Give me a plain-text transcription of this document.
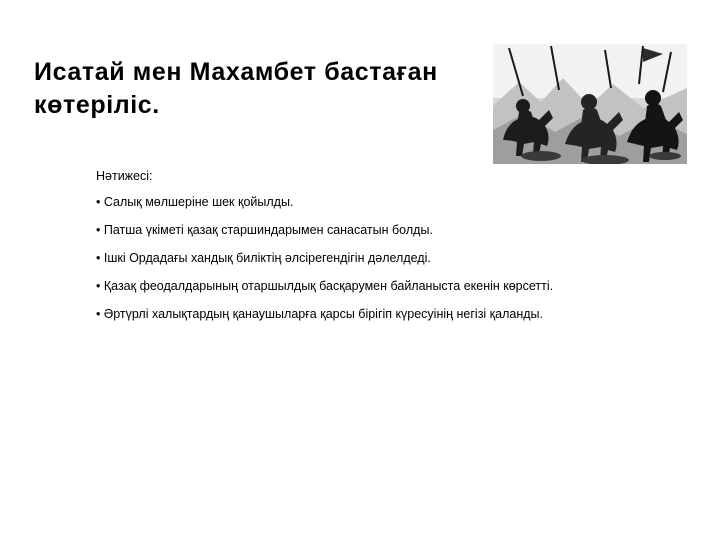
Исатай мен Махамбет бастаған көтеріліс.

Нәтижесі:

• Салық мөлшеріне шек қойылды.

• Патша үкіметі қазақ старшиндарымен санасатын болды.

• Ішкі Ордадағы хандық биліктің әлсірегендігін дәлелдеді.

• Қазақ феодалдарының отаршылдық басқарумен байланыста екенін көрсетті.

• Әртүрлі халықтардың қанаушыларға қарсы бірігіп күресуінің негізі қаланды.
